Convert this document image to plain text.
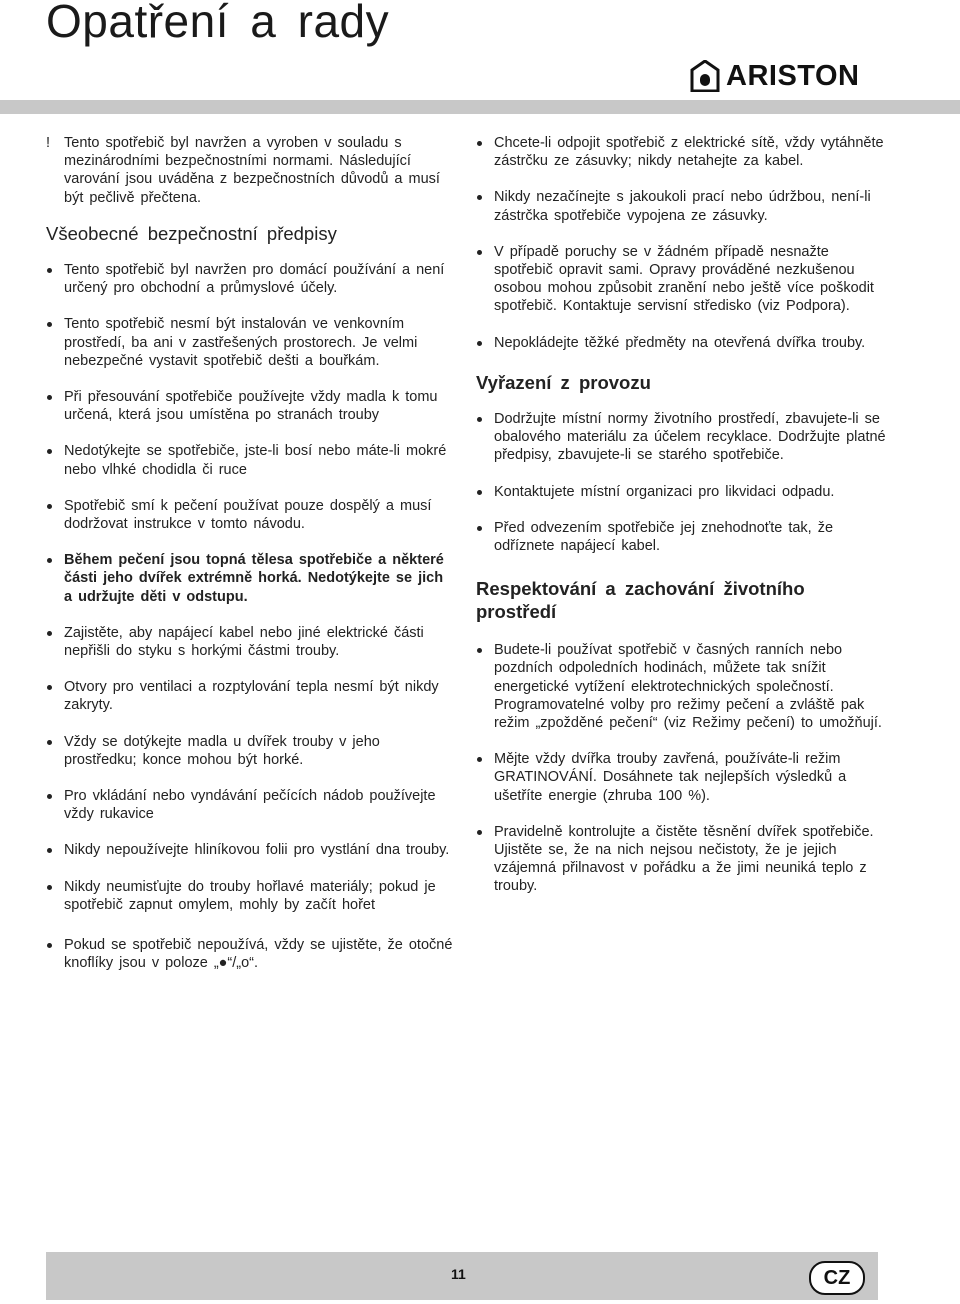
Opatření a rady
ARISTON

! Tento spotřebič byl navržen a vyroben v souladu s mezinárodními bezpečnostními normami. Následující varování jsou uváděna z bezpečnostních důvodů a musí být pečlivě přečtena.

Všeobecné bezpečnostní předpisy
Tento spotřebič byl navržen pro domácí používání a není určený pro obchodní a průmyslové účely.
Tento spotřebič nesmí být instalován ve venkovním prostředí, ba ani v zastřešených prostorech. Je velmi nebezpečné vystavit spotřebič dešti a bouřkám.
Při přesouvání spotřebiče používejte vždy madla k tomu určená, která jsou umístěna po stranách trouby
Nedotýkejte se spotřebiče, jste-li bosí nebo máte-li mokré nebo vlhké chodidla či ruce
Spotřebič smí k pečení používat pouze dospělý a musí dodržovat instrukce v tomto návodu.
Během pečení jsou topná tělesa spotřebiče a některé části jeho dvířek extrémně horká. Nedotýkejte se jich a udržujte děti v odstupu.
Zajistěte, aby napájecí kabel nebo jiné elektrické části nepřišli do styku s horkými částmi trouby.
Otvory pro ventilaci a rozptylování tepla nesmí být nikdy zakryty.
Vždy se dotýkejte madla u dvířek trouby v jeho prostředku; konce mohou být horké.
Pro vkládání nebo vyndávání pečících nádob používejte vždy rukavice
Nikdy nepoužívejte hliníkovou folii pro vystlání dna trouby.
Nikdy neumisťujte do trouby hořlavé materiály; pokud je spotřebič zapnut omylem, mohly by začít hořet
Pokud se spotřebič nepoužívá, vždy se ujistěte, že otočné knoflíky jsou v poloze „●“/„o“.
Chcete-li odpojit spotřebič z elektrické sítě, vždy vytáhněte zástrčku ze zásuvky; nikdy netahejte za kabel.
Nikdy nezačínejte s jakoukoli prací nebo údržbou, není-li zástrčka spotřebiče vypojena ze zásuvky.
V případě poruchy se v žádném případě nesnažte spotřebič opravit sami. Opravy prováděné nezkušenou osobou mohou způsobit zranění nebo ještě více poškodit spotřebič. Kontaktuje servisní středisko (viz Podpora).
Nepokládejte těžké předměty na otevřená dvířka trouby.
Vyřazení z provozu
Dodržujte místní normy životního prostředí, zbavujete-li se obalového materiálu za účelem recyklace. Dodržujte platné předpisy, zbavujete-li se starého spotřebiče.
Kontaktujete místní organizaci pro likvidaci odpadu.
Před odvezením spotřebiče jej znehodnoťte tak, že odříznete napájecí kabel.
Respektování a zachování životního prostředí
Budete-li používat spotřebič v časných ranních nebo pozdních odpoledních hodinách, můžete tak snížit energetické vytížení elektrotechnických společností. Programovatelné volby pro režimy pečení a zvláště pak režim „zpožděné pečení“ (viz Režimy pečení) to umožňují.
Mějte vždy dvířka trouby zavřená, používáte-li režim GRATINOVÁNÍ. Dosáhnete tak nejlepších výsledků a ušetříte energie (zhruba 100 %).
Pravidelně kontrolujte a čistěte těsnění dvířek spotřebiče. Ujistěte se, že na nich nejsou nečistoty, že je jejich vzájemná přilnavost v pořádku a že jimi neuniká teplo z trouby.
11	CZ
